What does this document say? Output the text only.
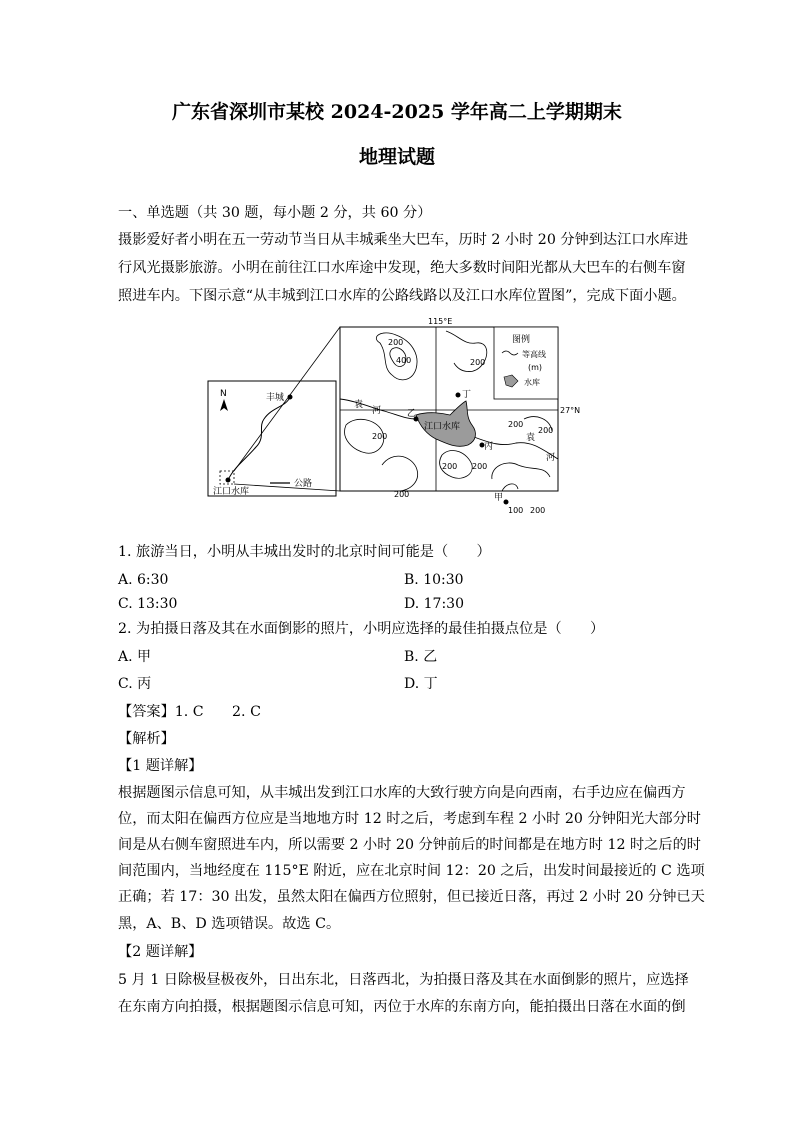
广东省深圳市某校 2024-2025 学年高二上学期期末
地理试题
一、单选题（共 30 题，每小题 2 分，共 60 分）
摄影爱好者小明在五一劳动节当日从丰城乘坐大巴车，历时 2 小时 20 分钟到达江口水库进
行风光摄影旅游。小明在前往江口水库途中发现，绝大多数时间阳光都从大巴车的右侧车窗
照进车内。下图示意“从丰城到江口水库的公路线路以及江口水库位置图”，完成下面小题。
N	丰城
江口水库
公路
115°E
27°N
图例
等高线
(m)
水库
袁
河
袁
河
江口水库
乙
丙
丁
甲
100
200
400	200
200
200
200
200 200
200
200
1. 旅游当日，小明从丰城出发时的北京时间可能是（　　）
A. 6:30	B. 10:30
C. 13:30	D. 17:30
2. 为拍摄日落及其在水面倒影的照片，小明应选择的最佳拍摄点位是（　　）
A. 甲	B. 乙
C. 丙	D. 丁
【答案】1. C　　2. C
【解析】
【1 题详解】
根据题图示信息可知，从丰城出发到江口水库的大致行驶方向是向西南，右手边应在偏西方
位，而太阳在偏西方位应是当地地方时 12 时之后，考虑到车程 2 小时 20 分钟阳光大部分时
间是从右侧车窗照进车内，所以需要 2 小时 20 分钟前后的时间都是在地方时 12 时之后的时
间范围内，当地经度在 115°E 附近，应在北京时间 12：20 之后，出发时间最接近的 C 选项
正确；若 17：30 出发，虽然太阳在偏西方位照射，但已接近日落，再过 2 小时 20 分钟已天
黑，A、B、D 选项错误。故选 C。
【2 题详解】
5 月 1 日除极昼极夜外，日出东北，日落西北，为拍摄日落及其在水面倒影的照片，应选择
在东南方向拍摄，根据题图示信息可知，丙位于水库的东南方向，能拍摄出日落在水面的倒
